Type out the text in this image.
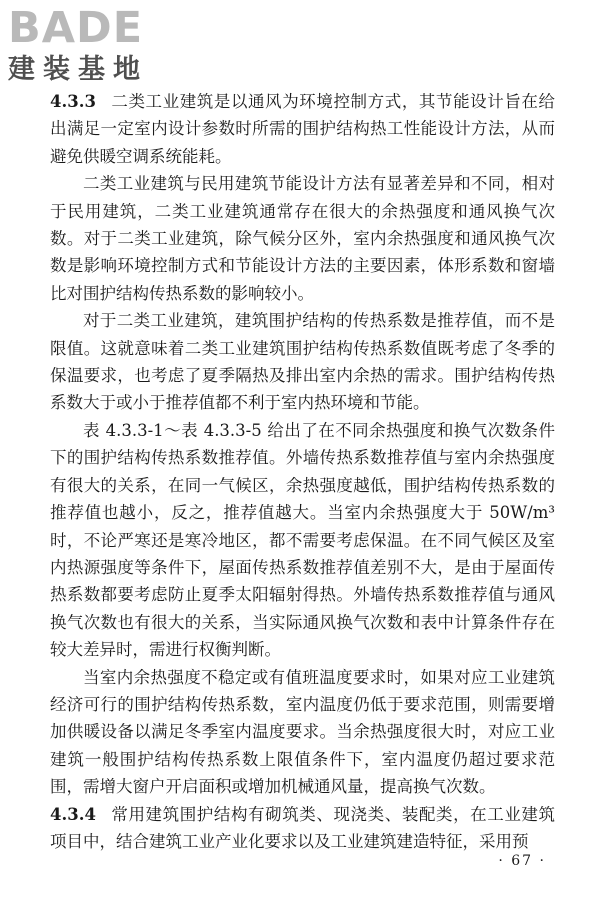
BADE
建装基地

4.3.3 二类工业建筑是以通风为环境控制方式，其节能设计旨在给出满足一定室内设计参数时所需的围护结构热工性能设计方法，从而避免供暖空调系统能耗。

二类工业建筑与民用建筑节能设计方法有显著差异和不同，相对于民用建筑，二类工业建筑通常存在很大的余热强度和通风换气次数。对于二类工业建筑，除气候分区外，室内余热强度和通风换气次数是影响环境控制方式和节能设计方法的主要因素，体形系数和窗墙比对围护结构传热系数的影响较小。

对于二类工业建筑，建筑围护结构的传热系数是推荐值，而不是限值。这就意味着二类工业建筑围护结构传热系数值既考虑了冬季的保温要求，也考虑了夏季隔热及排出室内余热的需求。围护结构传热系数大于或小于推荐值都不利于室内热环境和节能。

表 4.3.3-1～表 4.3.3-5 给出了在不同余热强度和换气次数条件下的围护结构传热系数推荐值。外墙传热系数推荐值与室内余热强度有很大的关系，在同一气候区，余热强度越低，围护结构传热系数的推荐值也越小，反之，推荐值越大。当室内余热强度大于 50W/m³时，不论严寒还是寒冷地区，都不需要考虑保温。在不同气候区及室内热源强度等条件下，屋面传热系数推荐值差别不大，是由于屋面传热系数都要考虑防止夏季太阳辐射得热。外墙传热系数推荐值与通风换气次数也有很大的关系，当实际通风换气次数和表中计算条件存在较大差异时，需进行权衡判断。

当室内余热强度不稳定或有值班温度要求时，如果对应工业建筑经济可行的围护结构传热系数，室内温度仍低于要求范围，则需要增加供暖设备以满足冬季室内温度要求。当余热强度很大时，对应工业建筑一般围护结构传热系数上限值条件下，室内温度仍超过要求范围，需增大窗户开启面积或增加机械通风量，提高换气次数。

4.3.4 常用建筑围护结构有砌筑类、现浇类、装配类，在工业建筑项目中，结合建筑工业产业化要求以及工业建筑建造特征，采用预

· 67 ·
